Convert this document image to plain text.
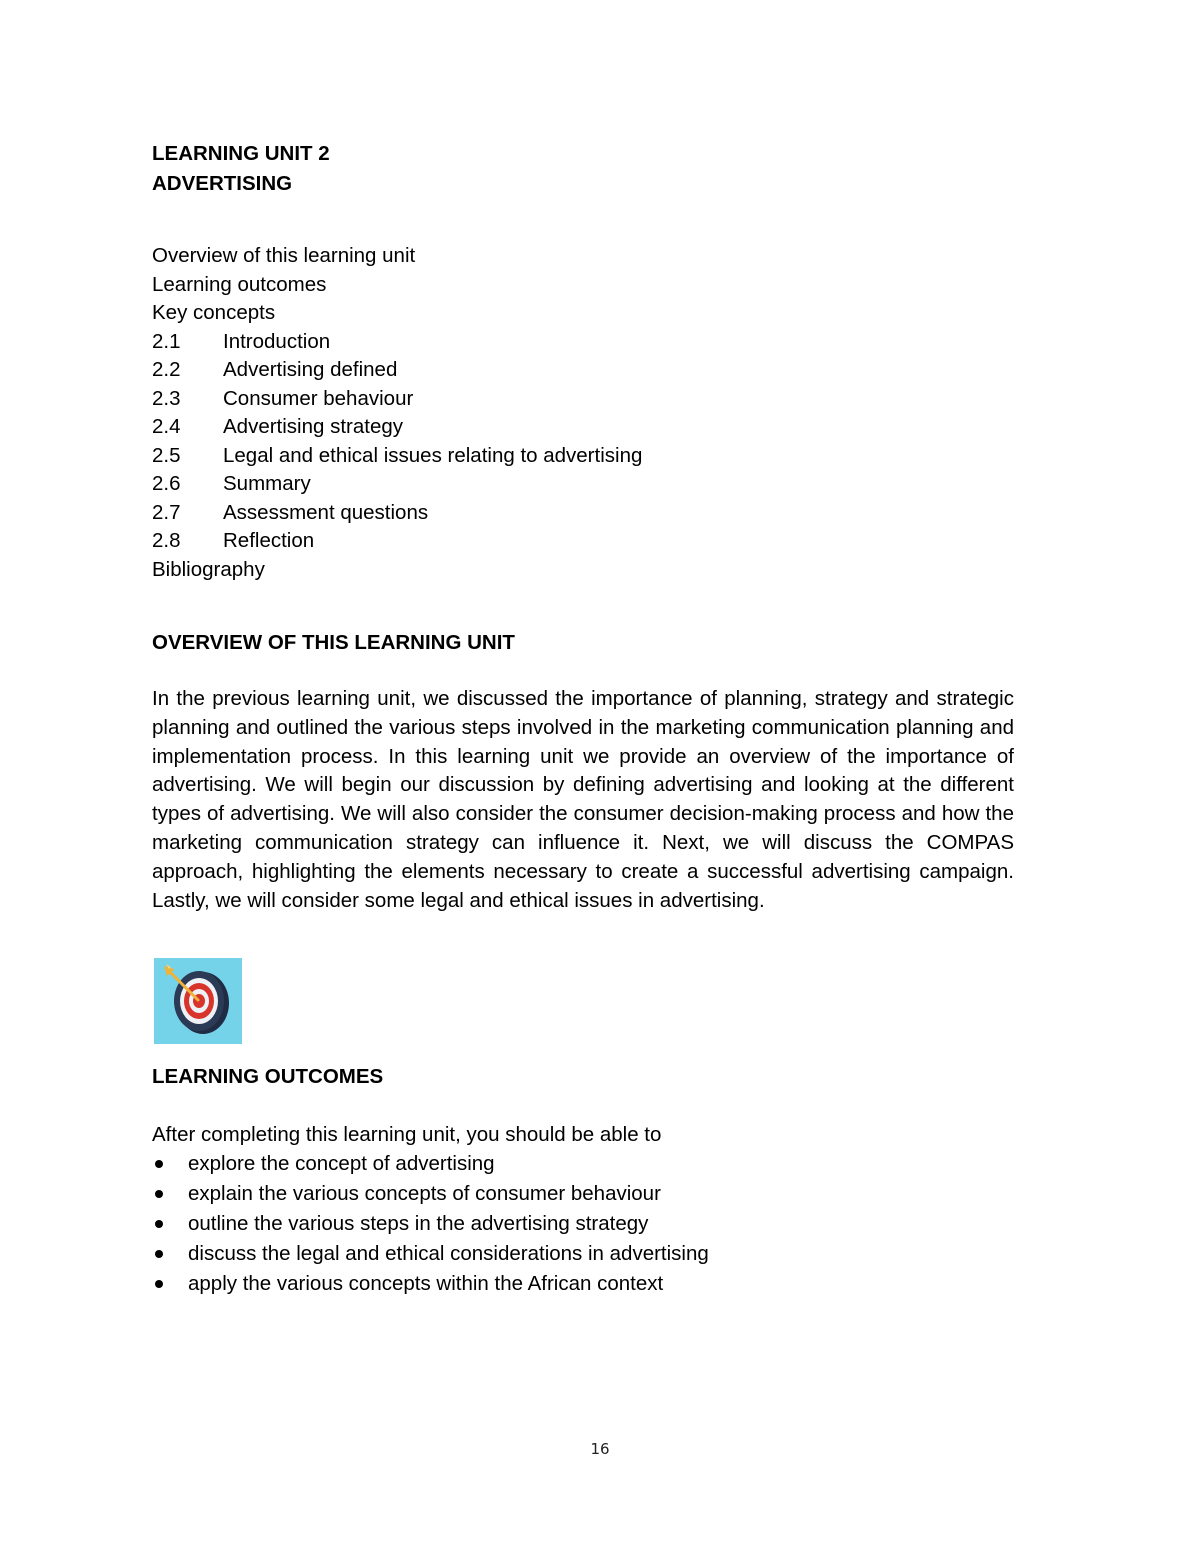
LEARNING UNIT 2
ADVERTISING
Overview of this learning unit
Learning outcomes
Key concepts
2.1 Introduction
2.2 Advertising defined
2.3 Consumer behaviour
2.4 Advertising strategy
2.5 Legal and ethical issues relating to advertising
2.6 Summary
2.7 Assessment questions
2.8 Reflection
Bibliography
OVERVIEW OF THIS LEARNING UNIT
In the previous learning unit, we discussed the importance of planning, strategy and strategic planning and outlined the various steps involved in the marketing communication planning and implementation process. In this learning unit we provide an overview of the importance of advertising. We will begin our discussion by defining advertising and looking at the different types of advertising. We will also consider the consumer decision-making process and how the marketing communication strategy can influence it. Next, we will discuss the COMPAS approach, highlighting the elements necessary to create a successful advertising campaign. Lastly, we will consider some legal and ethical issues in advertising.
LEARNING OUTCOMES
After completing this learning unit, you should be able to
explore the concept of advertising
explain the various concepts of consumer behaviour
outline the various steps in the advertising strategy
discuss the legal and ethical considerations in advertising
apply the various concepts within the African context
16
